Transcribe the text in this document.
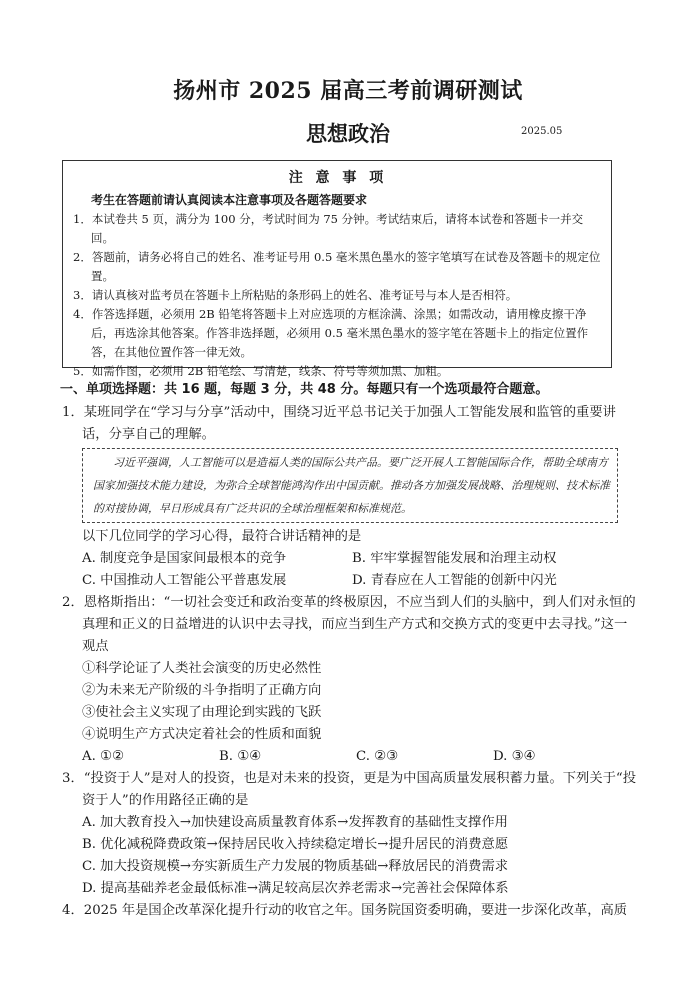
扬州市 2025 届高三考前调研测试
思想政治	2025.05
注 意 事 项
考生在答题前请认真阅读本注意事项及各题答题要求
1．本试卷共 5 页，满分为 100 分，考试时间为 75 分钟。考试结束后，请将本试卷和答题卡一并交回。
2．答题前，请务必将自己的姓名、准考证号用 0.5 毫米黑色墨水的签字笔填写在试卷及答题卡的规定位置。
3．请认真核对监考员在答题卡上所粘贴的条形码上的姓名、准考证号与本人是否相符。
4．作答选择题，必须用 2B 铅笔将答题卡上对应选项的方框涂满、涂黑；如需改动，请用橡皮擦干净后，再选涂其他答案。作答非选择题，必须用 0.5 毫米黑色墨水的签字笔在答题卡上的指定位置作答，在其他位置作答一律无效。
5．如需作图，必须用 2B 铅笔绘、写清楚，线条、符号等须加黑、加粗。
一、单项选择题：共 16 题，每题 3 分，共 48 分。每题只有一个选项最符合题意。
1．某班同学在“学习与分享”活动中，围绕习近平总书记关于加强人工智能发展和监管的重要讲话，分享自己的理解。
习近平强调，人工智能可以是造福人类的国际公共产品。要广泛开展人工智能国际合作，帮助全球南方国家加强技术能力建设，为弥合全球智能鸿沟作出中国贡献。推动各方加强发展战略、治理规则、技术标准的对接协调，早日形成具有广泛共识的全球治理框架和标准规范。
以下几位同学的学习心得，最符合讲话精神的是
A. 制度竞争是国家间最根本的竞争	B. 牢牢掌握智能发展和治理主动权
C. 中国推动人工智能公平普惠发展	D. 青春应在人工智能的创新中闪光
2．恩格斯指出：“一切社会变迁和政治变革的终极原因，不应当到人们的头脑中，到人们对永恒的真理和正义的日益增进的认识中去寻找，而应当到生产方式和交换方式的变更中去寻找。”这一观点
①科学论证了人类社会演变的历史必然性
②为未来无产阶级的斗争指明了正确方向
③使社会主义实现了由理论到实践的飞跃
④说明生产方式决定着社会的性质和面貌
A. ①②	B. ①④	C. ②③	D. ③④
3．“投资于人”是对人的投资，也是对未来的投资，更是为中国高质量发展积蓄力量。下列关于“投资于人”的作用路径正确的是
A. 加大教育投入→加快建设高质量教育体系→发挥教育的基础性支撑作用
B. 优化减税降费政策→保持居民收入持续稳定增长→提升居民的消费意愿
C. 加大投资规模→夯实新质生产力发展的物质基础→释放居民的消费需求
D. 提高基础养老金最低标准→满足较高层次养老需求→完善社会保障体系
4．2025 年是国企改革深化提升行动的收官之年。国务院国资委明确，要进一步深化改革，高质
